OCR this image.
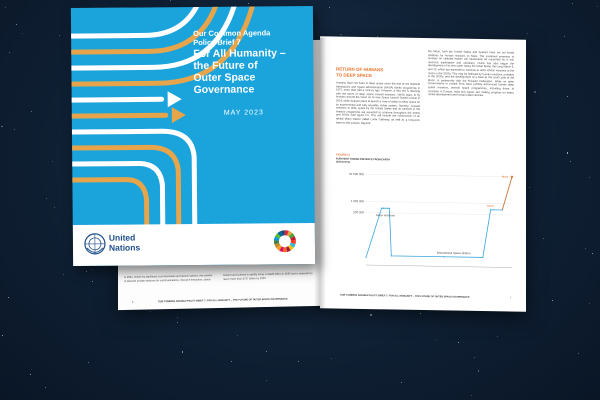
In 2021. Driven by significant cost decreases and launch options, the number of planned private missions for communications, resource extraction, space tourism and science is rapidly rising. to $426 billion in 2020 and is expected to reach more than $737 billion by 2030.
OUR COMMON AGENDA POLICY BRIEF 7: FOR ALL HUMANITY – THE FUTURE OF OUTER SPACE GOVERNANCE
6
RETURN OF HUMANS
TO DEEP SPACE
Humans have not been to deep space since the end of the National Aeronautics and Space Administration (NASA) Apollo programme in 1972, more than half a century ago. However, a new era is dawning with the return of deep space crewed missions. NASA plans to fly humans around the moon on its new Space Launch System rocket in 2024, while SpaceX plans to launch a crew of artists to deep space on its experimental and fully reusable rocket system, Starship. Crewed missions to deep space by the United States and its partners in the Artemis programme are expected to continue throughout the 2020s and 2030s (see figure IV). This will include the construction of an orbital Moon station called Lunar Gateway, as well as a long-term base on the surface. Beyond
the Moon, both the United States and SpaceX have set out broad timelines for human missions to Mars. The sustained presence of humans on celestial bodies will necessarily be supported by in situ resource exploitation and utilization. China has also begun the development of its new super heavy lift rocket family, the Long March 9, and 10, which are expected to continue to send robotic missions to the moon in the 2020s. This may be followed by human missions, probably in the 2030s, and the development of a base at the south pole of the Moon, in partnership with the Russian Federation. While no other Governments or private firms have publicly announced human deep space missions, several space programmes, including those of countries in Europe, India and Japan, are making progress on heavy rocket development and human-rated vehicles.
FIGURE IV
FURTHEST HUMAN DISTANCE FROM EARTH
(kilometres)
50 000 000
1 000 000
200 000
Moon missions
International Space Station
Moon
Mars
OUR COMMON AGENDA POLICY BRIEF 7: FOR ALL HUMANITY – THE FUTURE OF OUTER SPACE GOVERNANCE	7
Our Common Agenda
Policy Brief 7
For All Humanity –
the Future of
Outer Space
Governance
MAY 2023
United
Nations
